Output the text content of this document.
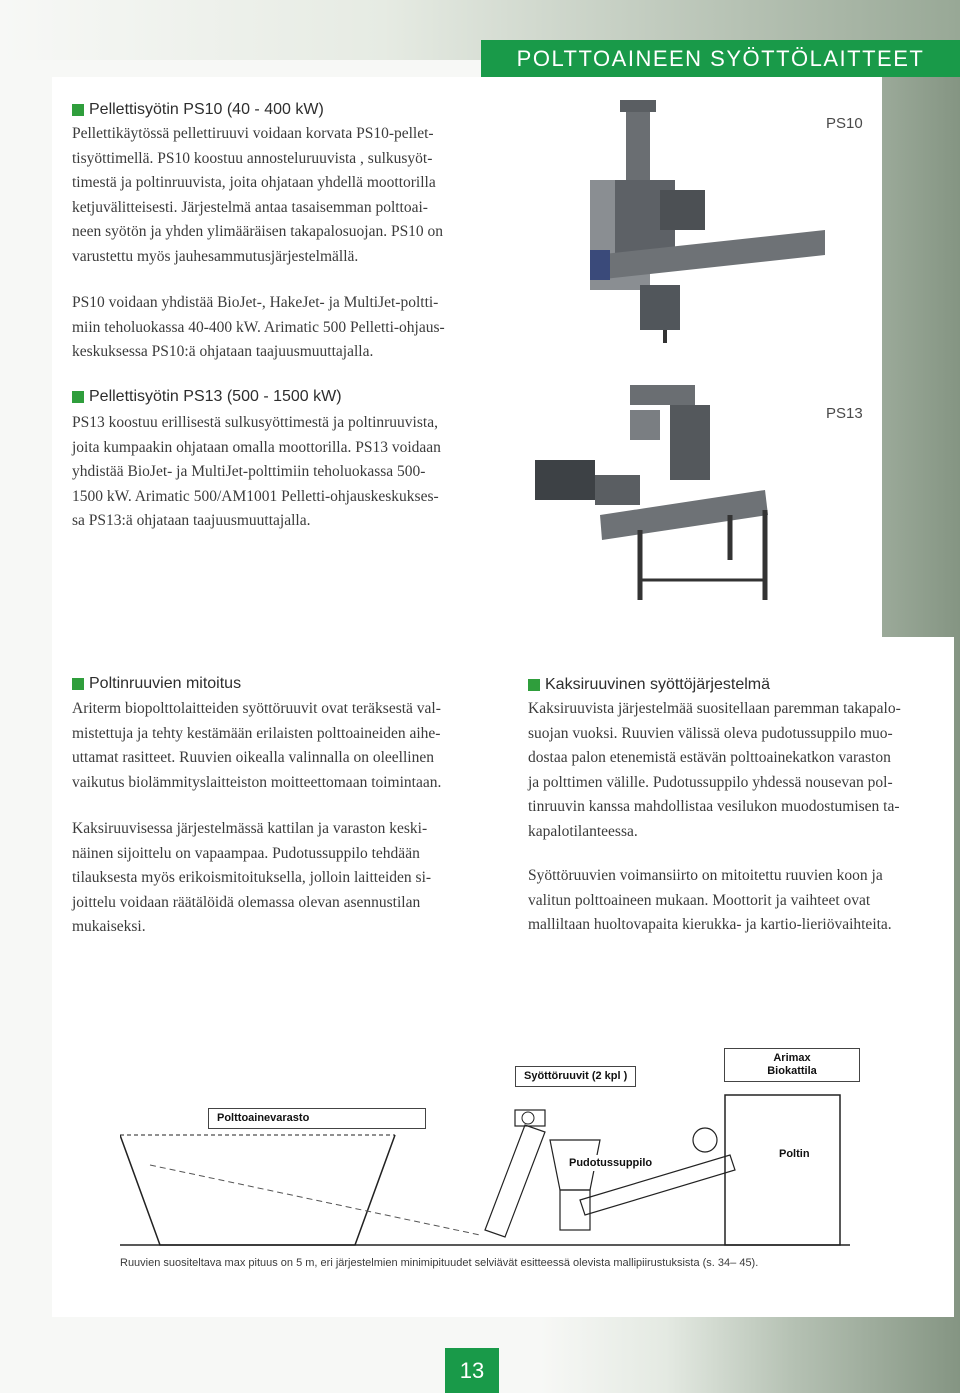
POLTTOAINEEN SYÖTTÖLAITTEET
Pellettisyötin PS10 (40 - 400 kW)

Pellettikäytössä pellettiruuvi voidaan korvata PS10-pellet-
tisyöttimellä. PS10 koostuu annosteluruuvista , sulkusyöt-
timestä ja poltinruuvista, joita ohjataan yhdellä moottorilla
ketjuvälitteisesti. Järjestelmä antaa tasaisemman polttoai-
neen syötön ja yhden ylimääräisen takapalosuojan. PS10 on
varustettu myös jauhesammutusjärjestelmällä.

PS10 voidaan yhdistää BioJet-, HakeJet- ja MultiJet-poltti-
miin teholuokassa 40-400 kW. Arimatic 500 Pelletti-ohjaus-
keskuksessa PS10:ä ohjataan taajuusmuuttajalla.

PS10
Pellettisyötin PS13 (500 - 1500 kW)

PS13 koostuu erillisestä sulkusyöttimestä ja poltinruuvista,
joita kumpaakin ohjataan omalla moottorilla. PS13 voidaan
yhdistää BioJet- ja MultiJet-polttimiin teholuokassa 500-
1500 kW. Arimatic 500/AM1001 Pelletti-ohjauskeskukses-
sa PS13:ä ohjataan taajuusmuuttajalla.

PS13
Poltinruuvien mitoitus

Ariterm biopolttolaitteiden syöttöruuvit ovat teräksestä val-
mistettuja ja tehty kestämään erilaisten polttoaineiden aihe-
uttamat rasitteet. Ruuvien oikealla valinnalla on oleellinen
vaikutus biolämmityslaitteiston moitteettomaan toimintaan.

Kaksiruuvisessa järjestelmässä kattilan ja varaston keski-
näinen sijoittelu on vapaampaa. Pudotussuppilo tehdään
tilauksesta myös erikoismitoituksella, jolloin laitteiden si-
joittelu voidaan räätälöidä olemassa olevan asennustilan
mukaiseksi.

Kaksiruuvinen syöttöjärjestelmä

Kaksiruuvista järjestelmää suositellaan paremman takapalo-
suojan vuoksi. Ruuvien välissä oleva pudotussuppilo muo-
dostaa palon etenemistä estävän polttoainekatkon varaston
ja polttimen välille. Pudotussuppilo yhdessä nousevan pol-
tinruuvin kanssa mahdollistaa vesilukon muodostumisen ta-
kapalotilanteessa.

Syöttöruuvien voimansiirto on mitoitettu ruuvien koon ja
valitun polttoaineen mukaan. Moottorit ja vaihteet ovat
malliltaan huoltovapaita kierukka- ja kartio-lieriövaihteita.

Arimax
Biokattila
Syöttöruuvit (2 kpl )
Polttoainevarasto
Pudotussuppilo
Poltin
Ruuvien suositeltava max pituus on 5 m, eri järjestelmien minimipituudet selviävät esitteessä olevista mallipiirustuksista (s. 34– 45).
13
